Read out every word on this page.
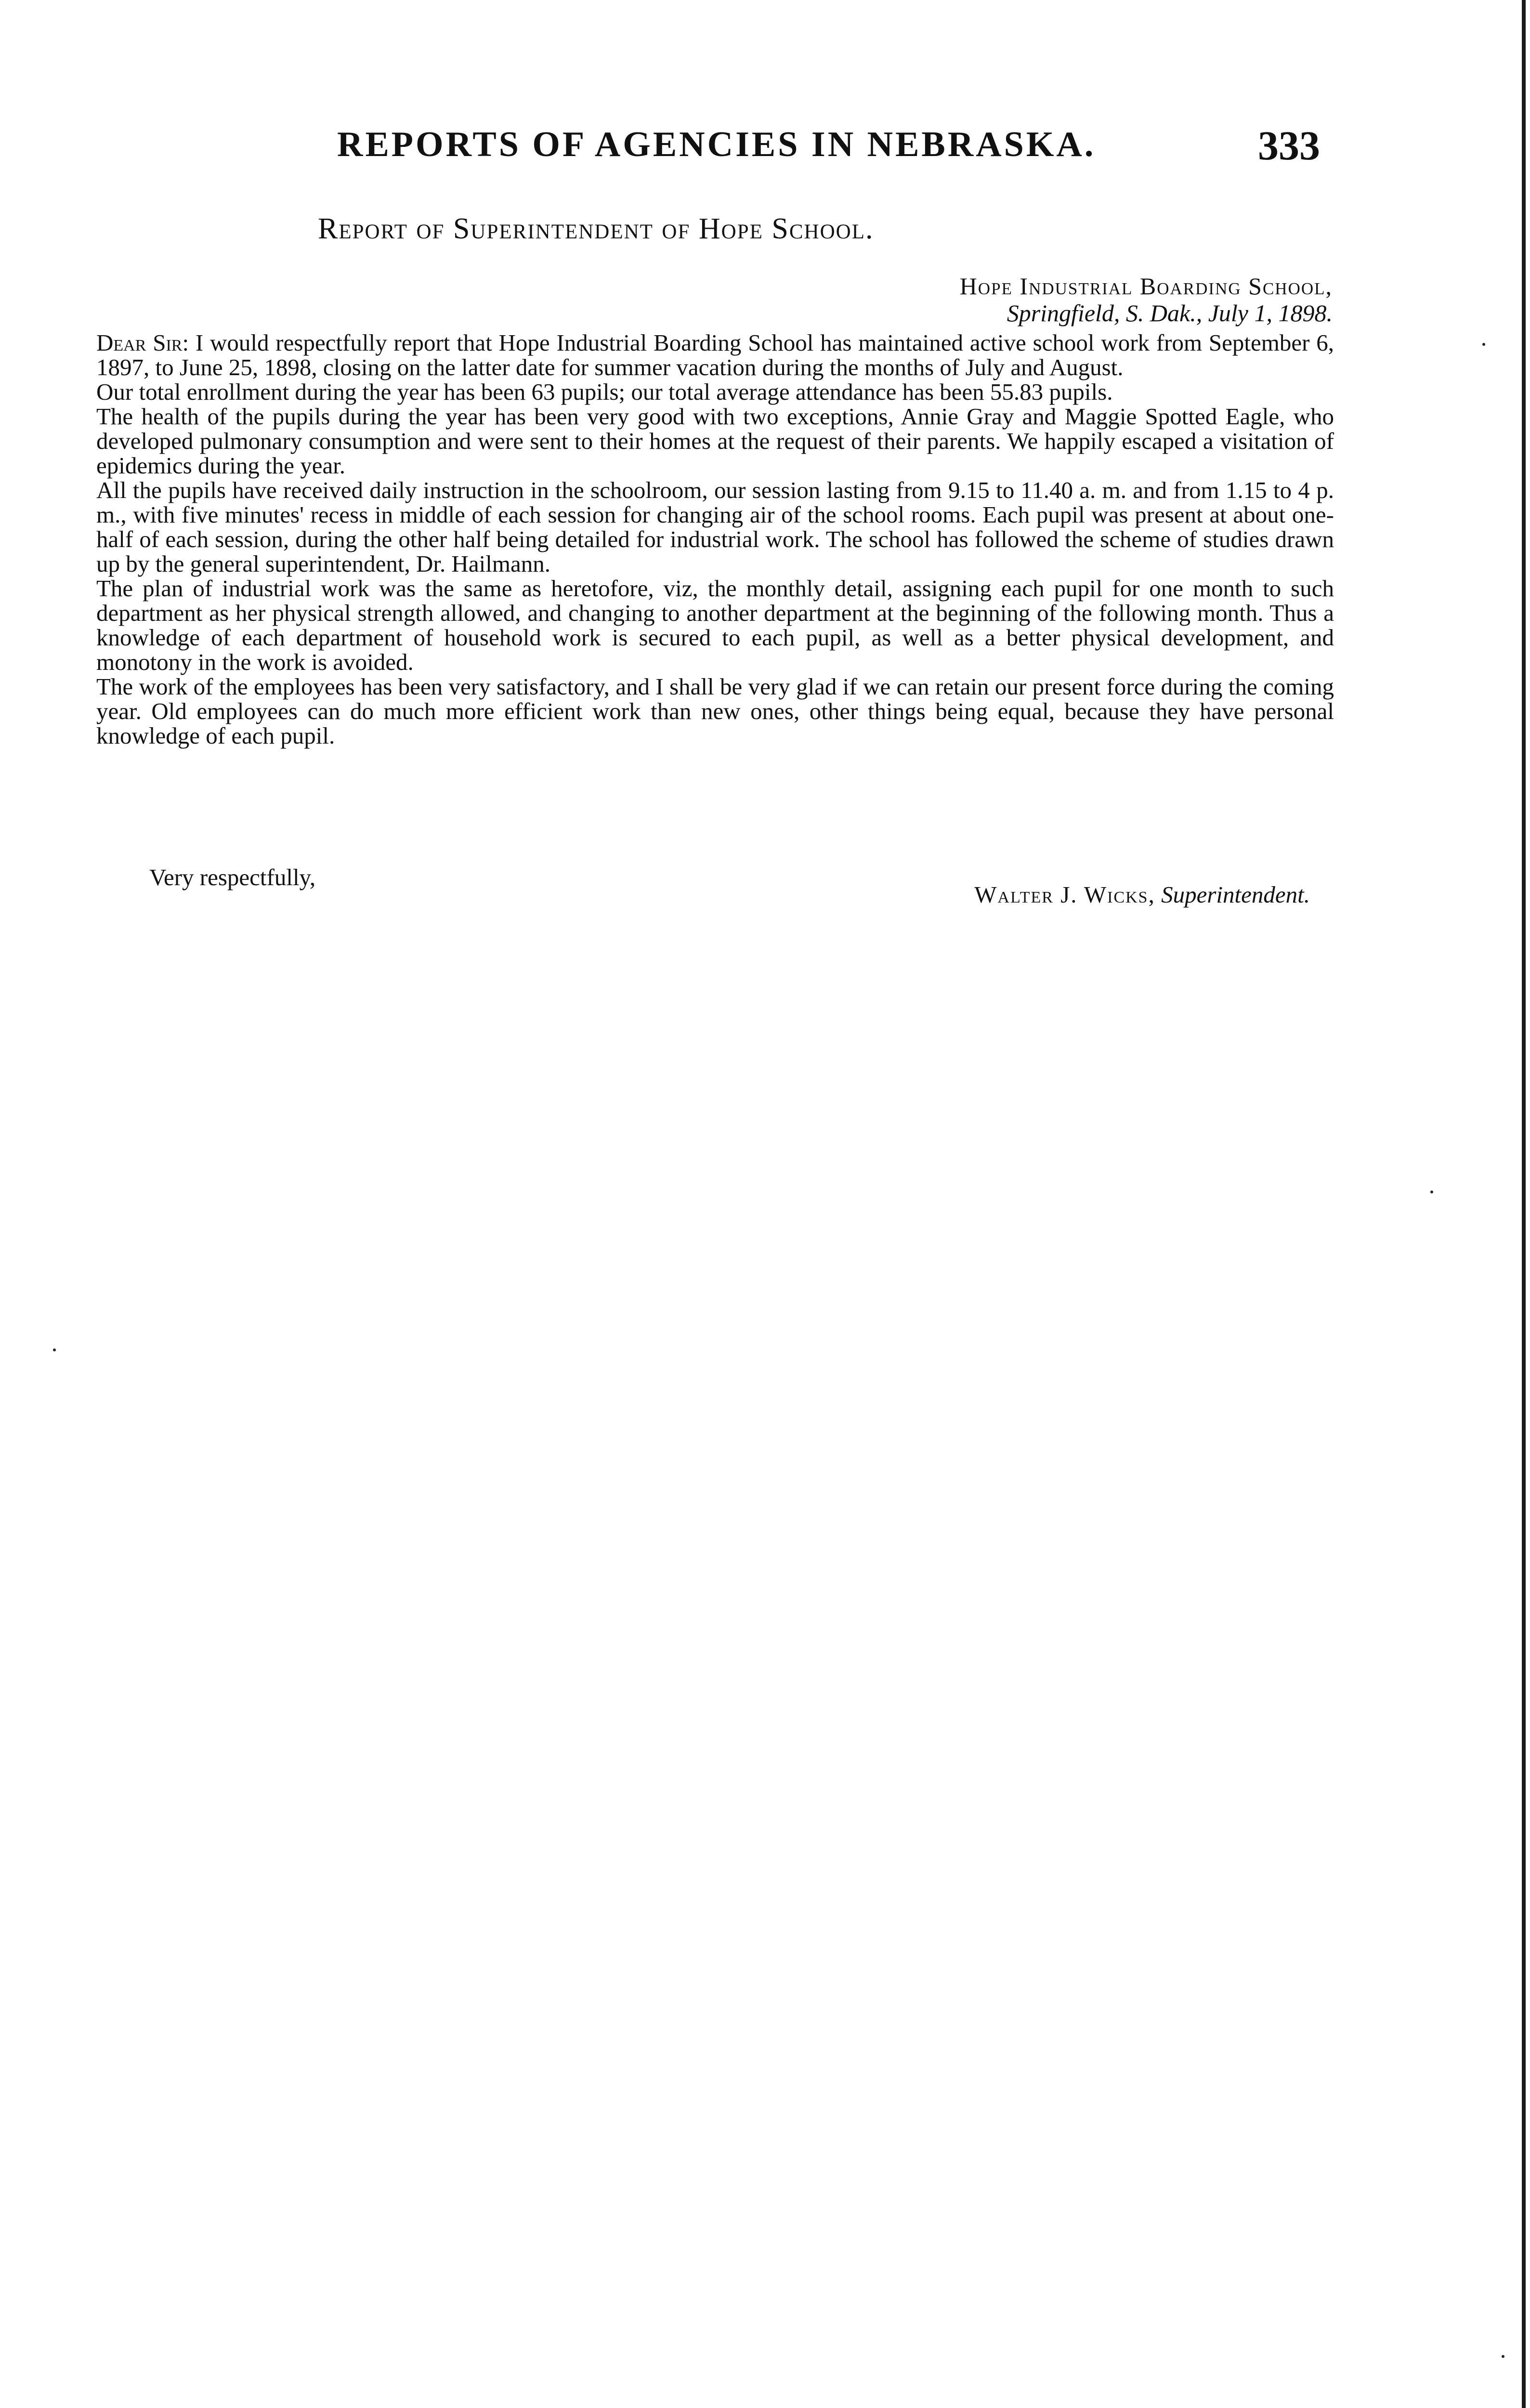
REPORTS OF AGENCIES IN NEBRASKA.	333
Report of Superintendent of Hope School.
Hope Industrial Boarding School,
Springfield, S. Dak., July 1, 1898.

Dear Sir: I would respectfully report that Hope Industrial Boarding School has maintained active school work from September 6, 1897, to June 25, 1898, closing on the latter date for summer vacation during the months of July and August.

Our total enrollment during the year has been 63 pupils; our total average attendance has been 55.83 pupils.

The health of the pupils during the year has been very good with two exceptions, Annie Gray and Maggie Spotted Eagle, who developed pulmonary consumption and were sent to their homes at the request of their parents. We happily escaped a visitation of epidemics during the year.

All the pupils have received daily instruction in the schoolroom, our session lasting from 9.15 to 11.40 a. m. and from 1.15 to 4 p. m., with five minutes' recess in middle of each session for changing air of the school rooms. Each pupil was present at about one-half of each session, during the other half being detailed for industrial work. The school has followed the scheme of studies drawn up by the general superintendent, Dr. Hailmann.

The plan of industrial work was the same as heretofore, viz, the monthly detail, assigning each pupil for one month to such department as her physical strength allowed, and changing to another department at the beginning of the following month. Thus a knowledge of each department of household work is secured to each pupil, as well as a better physical development, and monotony in the work is avoided.

The work of the employees has been very satisfactory, and I shall be very glad if we can retain our present force during the coming year. Old employees can do much more efficient work than new ones, other things being equal, because they have personal knowledge of each pupil.

Very respectfully,
Walter J. Wicks, Superintendent.
